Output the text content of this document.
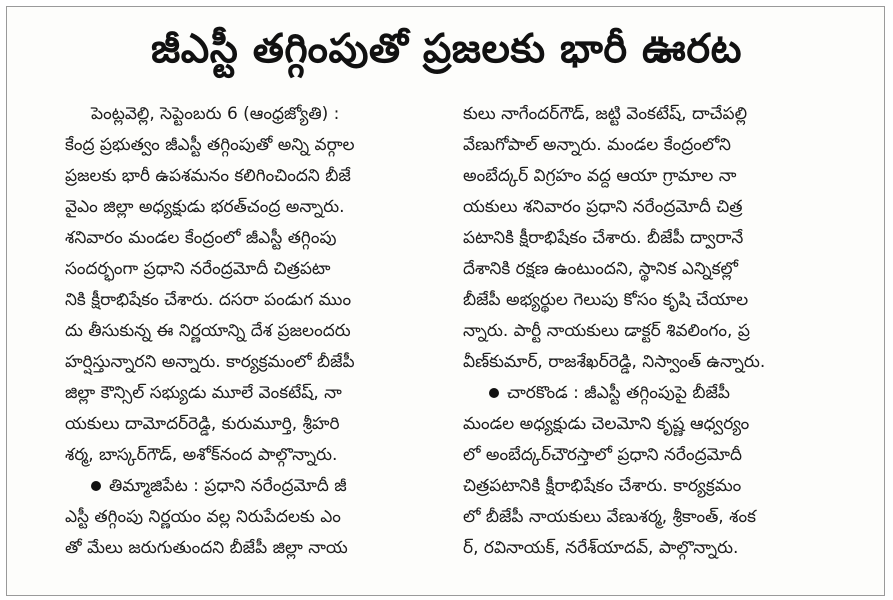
జీఎస్టీ తగ్గింపుతో ప్రజలకు భారీ ఊరట
పెంట్లవెల్లి, సెప్టెంబరు 6 (ఆంధ్రజ్యోతి) :
కేంద్ర ప్రభుత్వం జీఎస్టీ తగ్గింపుతో అన్ని వర్గాల
ప్రజలకు భారీ ఉపశమనం కలిగించిందని బీజే
వైఎం జిల్లా అధ్యక్షుడు భరత్‌చంద్ర అన్నారు.
శనివారం మండల కేంద్రంలో జీఎస్టీ తగ్గింపు
సందర్భంగా ప్రధాని నరేంద్రమోదీ చిత్రపటా
నికి క్షీరాభిషేకం చేశారు. దసరా పండుగ ముం
దు తీసుకున్న ఈ నిర్ణయాన్ని దేశ ప్రజలందరు
హర్షిస్తున్నారని అన్నారు. కార్యక్రమంలో బీజేపీ
జిల్లా కౌన్సిల్ సభ్యుడు మూలే వెంకటేష్, నా
యకులు దామోదర్‌రెడ్డి, కురుమూర్తి, శ్రీహరి
శర్మ, బాస్కర్‌గౌడ్, అశోక్‌నంద పాల్గొన్నారు.
తిమ్మాజిపేట : ప్రధాని నరేంద్రమోదీ జీ
ఎస్టీ తగ్గింపు నిర్ణయం వల్ల నిరుపేదలకు ఎం
తో మేలు జరుగుతుందని బీజేపీ జిల్లా నాయ
కులు నాగేందర్‌గౌడ్, జట్టి వెంకటేష్, దాచేపల్లి
వేణుగోపాల్ అన్నారు. మండల కేంద్రంలోని
అంబేద్కర్ విగ్రహం వద్ద ఆయా గ్రామాల నా
యకులు శనివారం ప్రధాని నరేంద్రమోదీ చిత్ర
పటానికి క్షీరాభిషేకం చేశారు. బీజేపీ ద్వారానే
దేశానికి రక్షణ ఉంటుందని, స్థానిక ఎన్నికల్లో
బీజేపీ అభ్యర్థుల గెలుపు కోసం కృషి చేయాల
న్నారు. పార్టీ నాయకులు డాక్టర్ శివలింగం, ప్ర
వీణ్‌కుమార్, రాజశేఖర్‌రెడ్డి, నిస్వాంత్ ఉన్నారు.
చారకొండ : జీఎస్టీ తగ్గింపుపై బీజేపీ
మండల అధ్యక్షుడు చెలమోని కృష్ణ ఆధ్వర్యం
లో అంబేద్కర్‌చౌరస్తాలో ప్రధాని నరేంద్రమోదీ
చిత్రపటానికి క్షీరాభిషేకం చేశారు. కార్యక్రమం
లో బీజేపీ నాయకులు వేణుశర్మ, శ్రీకాంత్, శంక
ర్, రవినాయక్, నరేశ్‌యాదవ్, పాల్గొన్నారు.
